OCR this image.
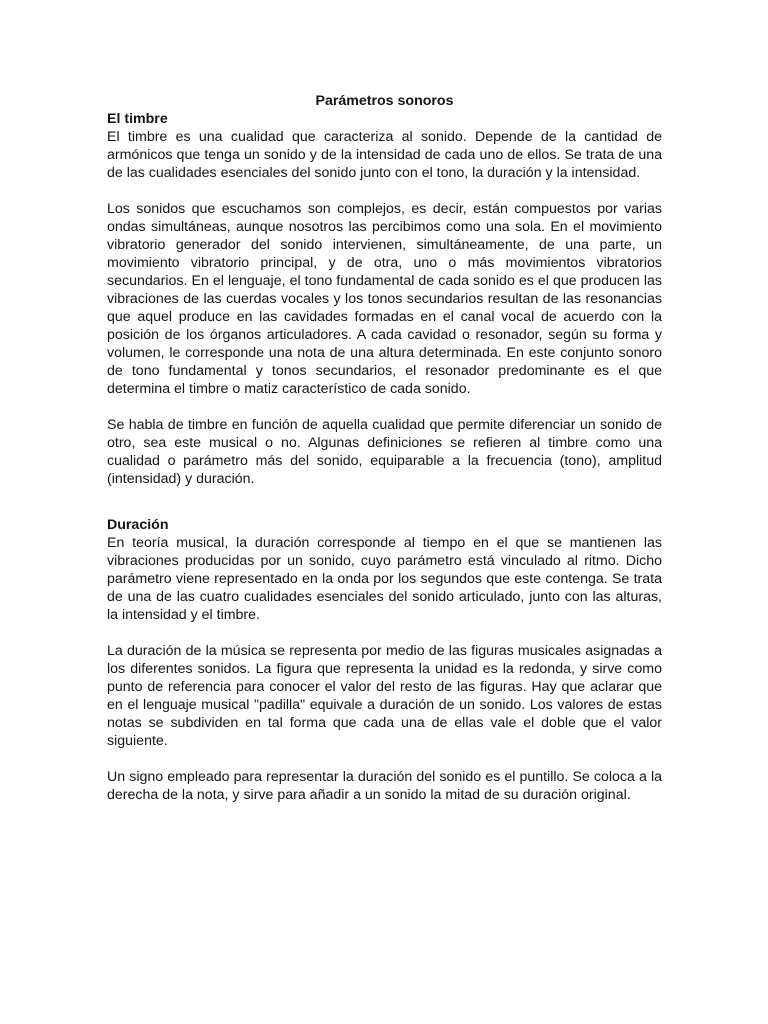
Parámetros sonoros

El timbre

El timbre es una cualidad que caracteriza al sonido. Depende de la cantidad de armónicos que tenga un sonido y de la intensidad de cada uno de ellos. Se trata de una de las cualidades esenciales del sonido junto con el tono, la duración y la intensidad.

Los sonidos que escuchamos son complejos, es decir, están compuestos por varias ondas simultáneas, aunque nosotros las percibimos como una sola. En el movimiento vibratorio generador del sonido intervienen, simultáneamente, de una parte, un movimiento vibratorio principal, y de otra, uno o más movimientos vibratorios secundarios. En el lenguaje, el tono fundamental de cada sonido es el que producen las vibraciones de las cuerdas vocales y los tonos secundarios resultan de las resonancias que aquel produce en las cavidades formadas en el canal vocal de acuerdo con la posición de los órganos articuladores. A cada cavidad o resonador, según su forma y volumen, le corresponde una nota de una altura determinada. En este conjunto sonoro de tono fundamental y tonos secundarios, el resonador predominante es el que determina el timbre o matiz característico de cada sonido.

Se habla de timbre en función de aquella cualidad que permite diferenciar un sonido de otro, sea este musical o no. Algunas definiciones se refieren al timbre como una cualidad o parámetro más del sonido, equiparable a la frecuencia (tono), amplitud (intensidad) y duración.

Duración

En teoría musical, la duración corresponde al tiempo en el que se mantienen las vibraciones producidas por un sonido, cuyo parámetro está vinculado al ritmo. Dicho parámetro viene representado en la onda por los segundos que este contenga. Se trata de una de las cuatro cualidades esenciales del sonido articulado, junto con las alturas, la intensidad y el timbre.

La duración de la música se representa por medio de las figuras musicales asignadas a los diferentes sonidos. La figura que representa la unidad es la redonda, y sirve como punto de referencia para conocer el valor del resto de las figuras. Hay que aclarar que en el lenguaje musical "padilla" equivale a duración de un sonido. Los valores de estas notas se subdividen en tal forma que cada una de ellas vale el doble que el valor siguiente.

Un signo empleado para representar la duración del sonido es el puntillo. Se coloca a la derecha de la nota, y sirve para añadir a un sonido la mitad de su duración original.
